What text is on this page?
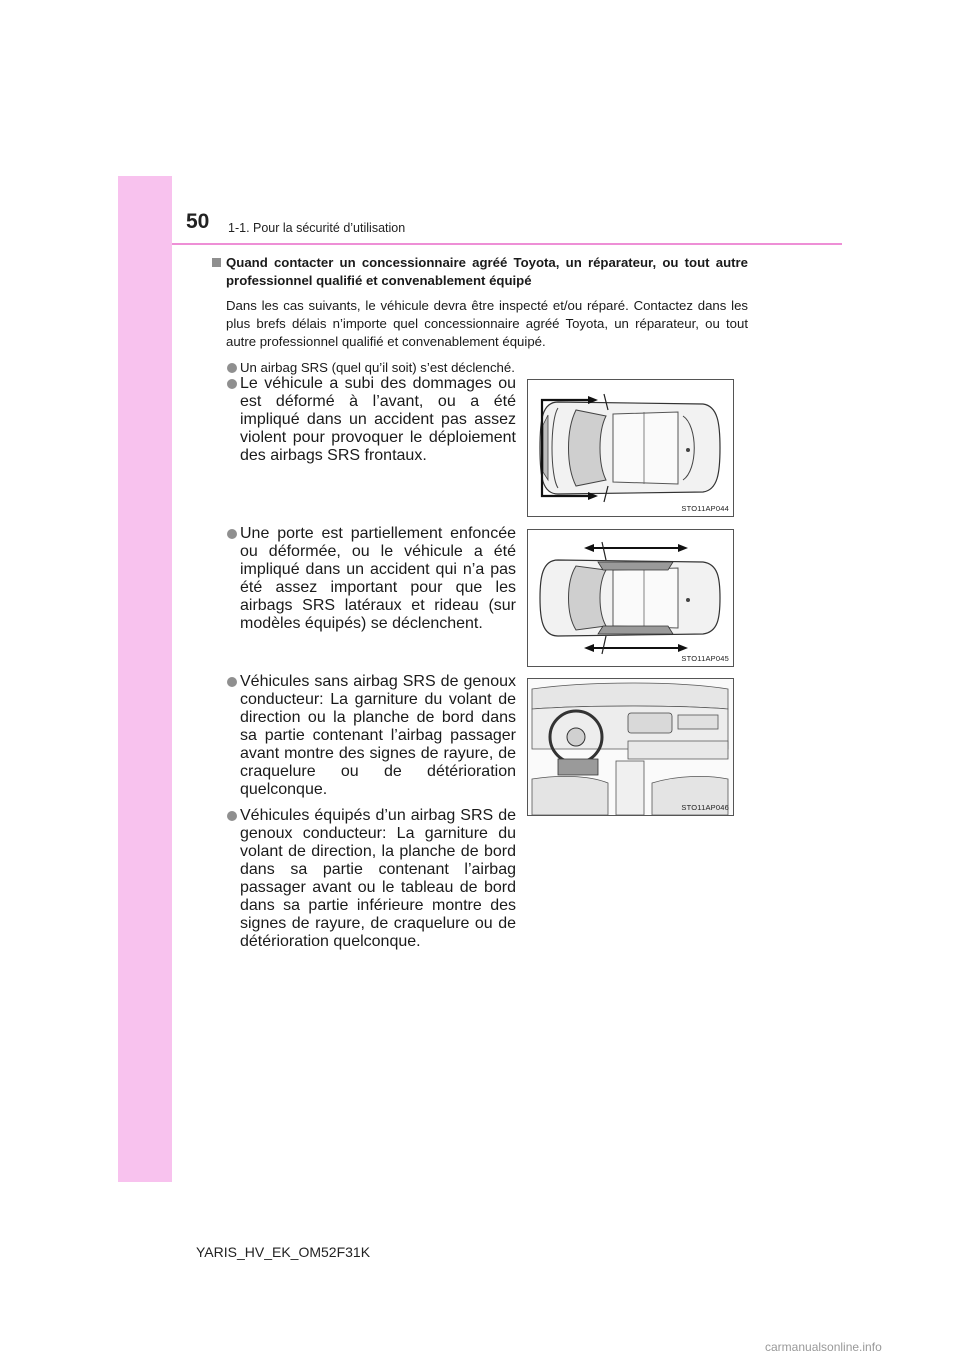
50 1-1. Pour la sécurité d’utilisation

Quand contacter un concessionnaire agréé Toyota, un réparateur, ou tout autre professionnel qualifié et convenablement équipé

Dans les cas suivants, le véhicule devra être inspecté et/ou réparé. Contactez dans les plus brefs délais n’importe quel concessionnaire agréé Toyota, un réparateur, ou tout autre professionnel qualifié et convenablement équipé.

Un airbag SRS (quel qu’il soit) s’est déclenché.
Le véhicule a subi des dommages ou est déformé à l’avant, ou a été impliqué dans un accident pas assez violent pour provoquer le déploiement des airbags SRS frontaux.
STO11AP044
Une porte est partiellement enfoncée ou déformée, ou le véhicule a été impliqué dans un accident qui n’a pas été assez important pour que les airbags SRS latéraux et rideau (sur modèles équipés) se déclenchent.
STO11AP045
Véhicules sans airbag SRS de genoux conducteur: La garniture du volant de direction ou la planche de bord dans sa partie contenant l’airbag passager avant montre des signes de rayure, de craquelure ou de détérioration quelconque.
Véhicules équipés d’un airbag SRS de genoux conducteur: La garniture du volant de direction, la planche de bord dans sa partie contenant l’airbag passager avant ou le tableau de bord dans sa partie inférieure montre des signes de rayure, de craquelure ou de détérioration quelconque.
STO11AP046
YARIS_HV_EK_OM52F31K
carmanualsonline.info
